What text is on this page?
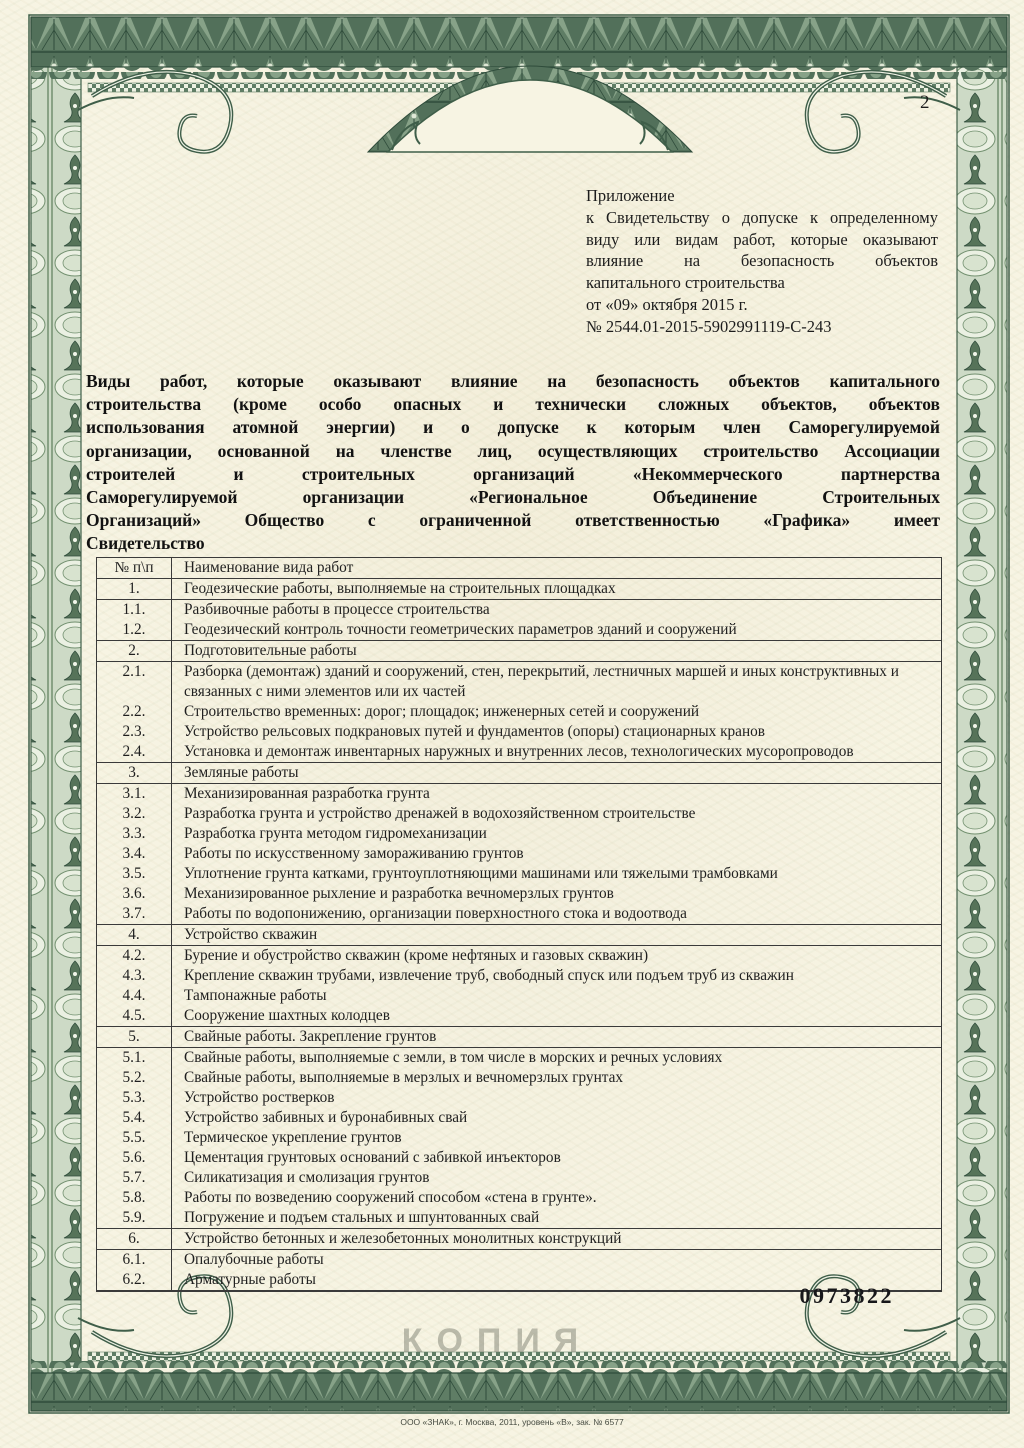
2
Приложение
к Свидетельству о допуске к определенному
виду или видам работ, которые оказывают
влияние на безопасность объектов
капитального строительства
от «09» октября 2015 г.
№ 2544.01-2015-5902991119-С-243
Виды работ, которые оказывают влияние на безопасность объектов капитального
строительства (кроме особо опасных и технически сложных объектов, объектов
использования атомной энергии) и о допуске к которым член Саморегулируемой
организации, основанной на членстве лиц, осуществляющих строительство Ассоциации
строителей и строительных организаций «Некоммерческого партнерства
Саморегулируемой организации «Региональное Объединение Строительных
Организаций» Общество с ограниченной ответственностью «Графика» имеет
Свидетельство
№ п\п	Наименование вида работ
1.	Геодезические работы, выполняемые на строительных площадках
1.1.	Разбивочные работы в процессе строительства
1.2.	Геодезический контроль точности геометрических параметров зданий и сооружений
2.	Подготовительные работы
2.1.	Разборка (демонтаж) зданий и сооружений, стен, перекрытий, лестничных маршей и иных конструктивных и связанных с ними элементов или их частей
2.2.	Строительство временных: дорог; площадок; инженерных сетей и сооружений
2.3.	Устройство рельсовых подкрановых путей и фундаментов (опоры) стационарных кранов
2.4.	Установка и демонтаж инвентарных наружных и внутренних лесов, технологических мусоропроводов
3.	Земляные работы
3.1.	Механизированная разработка грунта
3.2.	Разработка грунта и устройство дренажей в водохозяйственном строительстве
3.3.	Разработка грунта методом гидромеханизации
3.4.	Работы по искусственному замораживанию грунтов
3.5.	Уплотнение грунта катками, грунтоуплотняющими машинами или тяжелыми трамбовками
3.6.	Механизированное рыхление и разработка вечномерзлых грунтов
3.7.	Работы по водопонижению, организации поверхностного стока и водоотвода
4.	Устройство скважин
4.2.	Бурение и обустройство скважин (кроме нефтяных и газовых скважин)
4.3.	Крепление скважин трубами, извлечение труб, свободный спуск или подъем труб из скважин
4.4.	Тампонажные работы
4.5.	Сооружение шахтных колодцев
5.	Свайные работы. Закрепление грунтов
5.1.	Свайные работы, выполняемые с земли, в том числе в морских и речных условиях
5.2.	Свайные работы, выполняемые в мерзлых и вечномерзлых грунтах
5.3.	Устройство ростверков
5.4.	Устройство забивных и буронабивных свай
5.5.	Термическое укрепление грунтов
5.6.	Цементация грунтовых оснований с забивкой инъекторов
5.7.	Силикатизация и смолизация грунтов
5.8.	Работы по возведению сооружений способом «стена в грунте».
5.9.	Погружение и подъем стальных и шпунтованных свай
6.	Устройство бетонных и железобетонных монолитных конструкций
6.1.	Опалубочные работы
6.2.	Арматурные работы
0973822
КОПИЯ
ООО «ЗНАК», г. Москва, 2011, уровень «В», зак. № 6577
